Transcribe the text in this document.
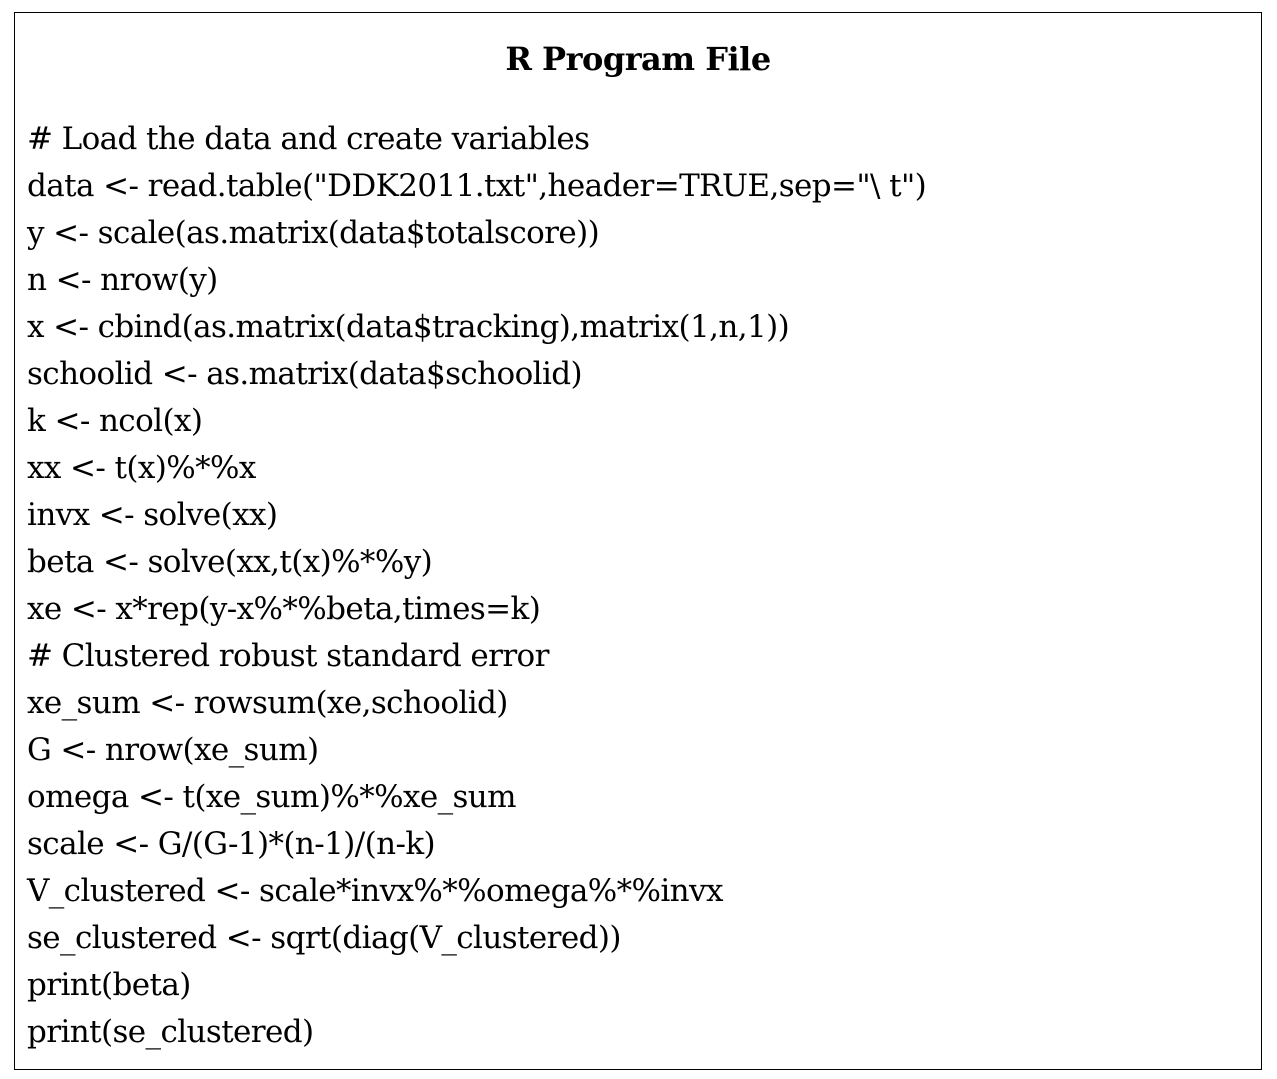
R Program File
# Load the data and create variables
data <- read.table("DDK2011.txt",header=TRUE,sep="\ t")
y <- scale(as.matrix(data$totalscore))
n <- nrow(y)
x <- cbind(as.matrix(data$tracking),matrix(1,n,1))
schoolid <- as.matrix(data$schoolid)
k <- ncol(x)
xx <- t(x)%*%x
invx <- solve(xx)
beta <- solve(xx,t(x)%*%y)
xe <- x*rep(y-x%*%beta,times=k)
# Clustered robust standard error
xe_sum <- rowsum(xe,schoolid)
G <- nrow(xe_sum)
omega <- t(xe_sum)%*%xe_sum
scale <- G/(G-1)*(n-1)/(n-k)
V_clustered <- scale*invx%*%omega%*%invx
se_clustered <- sqrt(diag(V_clustered))
print(beta)
print(se_clustered)
